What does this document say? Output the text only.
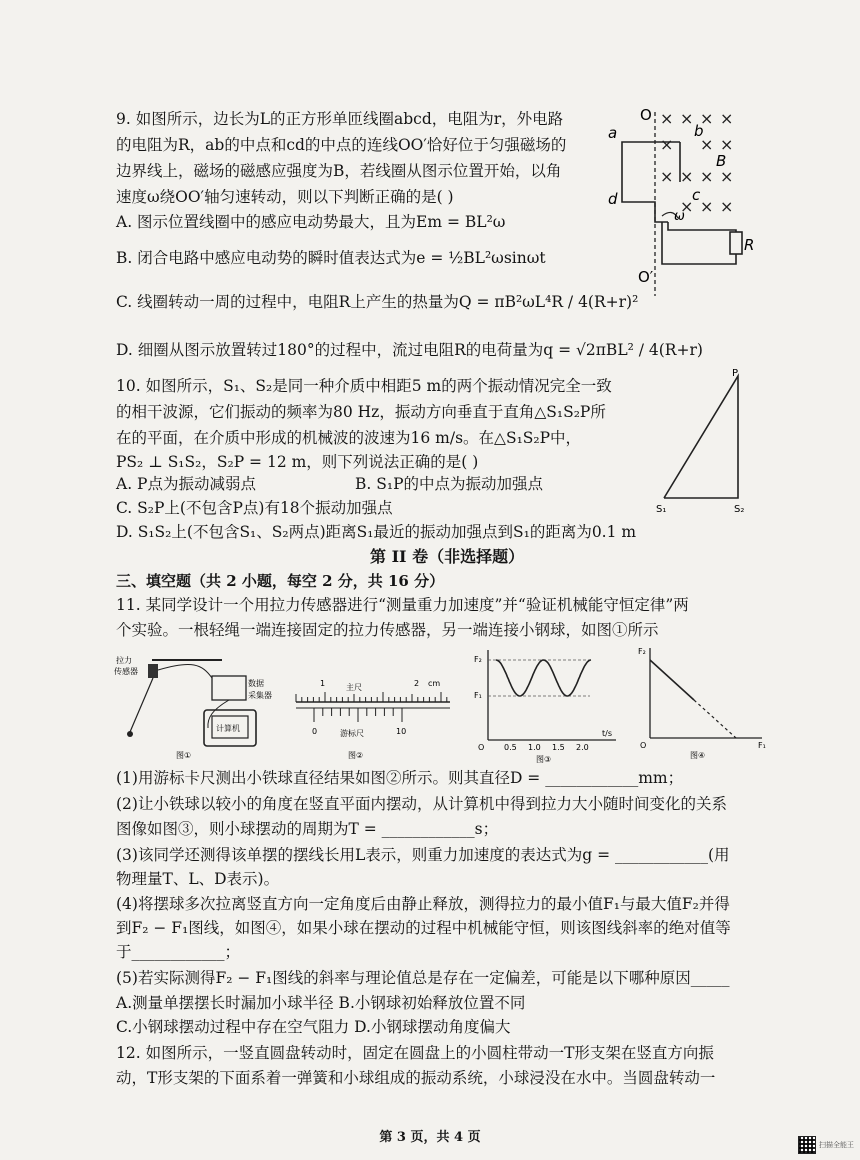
9. 如图所示，边长为L的正方形单匝线圈abcd，电阻为r，外电路
的电阻为R，ab的中点和cd的中点的连线OO′恰好位于匀强磁场的
边界线上，磁场的磁感应强度为B，若线圈从图示位置开始，以角
速度ω绕OO′轴匀速转动，则以下判断正确的是( )
A. 图示位置线圈中的感应电动势最大，且为Em = BL²ω
B. 闭合电路中感应电动势的瞬时值表达式为e = ½BL²ωsinωt
C. 线圈转动一周的过程中，电阻R上产生的热量为Q = πB²ωL⁴R / 4(R+r)²
D. 细圈从图示放置转过180°的过程中，流过电阻R的电荷量为q = √2πBL² / 4(R+r)
× × × ×
× × ×
× × × ×
× × ×
O
O′
a	b
c
d
B
ω
R
10. 如图所示，S₁、S₂是同一种介质中相距5 m的两个振动情况完全一致
的相干波源，它们振动的频率为80 Hz，振动方向垂直于直角△S₁S₂P所
在的平面，在介质中形成的机械波的波速为16 m/s。在△S₁S₂P中，
PS₂ ⊥ S₁S₂，S₂P = 12 m，则下列说法正确的是( )
A. P点为振动减弱点	B. S₁P的中点为振动加强点
C. S₂P上(不包含P点)有18个振动加强点
D. S₁S₂上(不包含S₁、S₂两点)距离S₁最近的振动加强点到S₁的距离为0.1 m
P
S₁	S₂
第 II 卷（非选择题）
三、填空题（共 2 小题，每空 2 分，共 16 分）
11. 某同学设计一个用拉力传感器进行“测量重力加速度”并“验证机械能守恒定律”两
个实验。一根轻绳一端连接固定的拉力传感器，另一端连接小钢球，如图①所示
拉力
传感器
数据
采集器
计算机
图①
1	2 cm
主尺
0	10
游标尺
图②
F₂
F₁
O
t/s
0.5 1.0 1.5 2.0
图③
F₂
O	F₁
图④
(1)用游标卡尺测出小铁球直径结果如图②所示。则其直径D = ____________mm；
(2)让小铁球以较小的角度在竖直平面内摆动，从计算机中得到拉力大小随时间变化的关系
图像如图③，则小球摆动的周期为T = ____________s；
(3)该同学还测得该单摆的摆线长用L表示，则重力加速度的表达式为g = ____________(用
物理量T、L、D表示)。
(4)将摆球多次拉离竖直方向一定角度后由静止释放，测得拉力的最小值F₁与最大值F₂并得
到F₂ − F₁图线，如图④，如果小球在摆动的过程中机械能守恒，则该图线斜率的绝对值等
于____________；
(5)若实际测得F₂ − F₁图线的斜率与理论值总是存在一定偏差，可能是以下哪种原因_____
A.测量单摆摆长时漏加小球半径 B.小钢球初始释放位置不同
C.小钢球摆动过程中存在空气阻力 D.小钢球摆动角度偏大
12. 如图所示，一竖直圆盘转动时，固定在圆盘上的小圆柱带动一T形支架在竖直方向振
动，T形支架的下面系着一弹簧和小球组成的振动系统，小球浸没在水中。当圆盘转动一
第 3 页，共 4 页	扫描全能王
